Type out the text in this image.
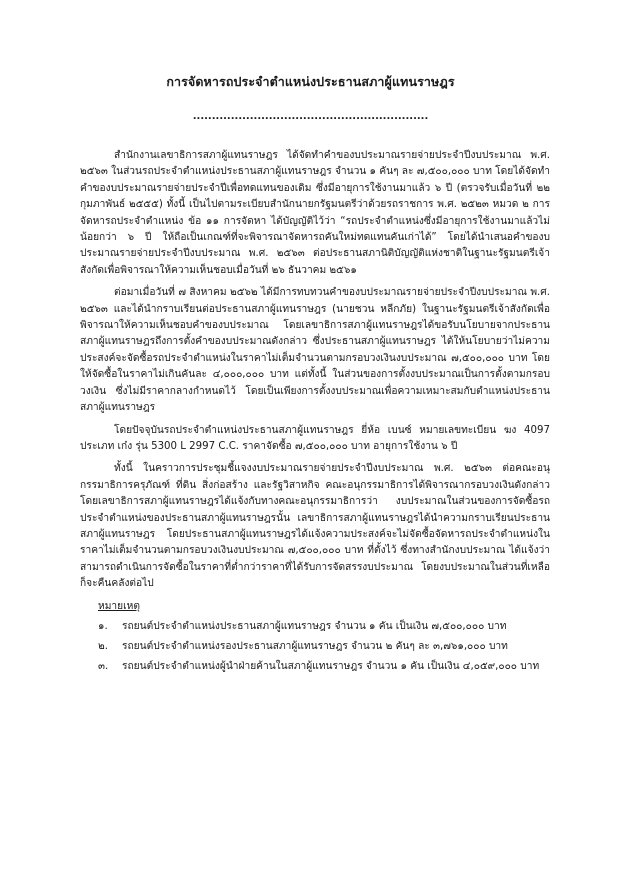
การจัดหารถประจำตำแหน่งประธานสภาผู้แทนราษฎร
..............................................................

สำนักงานเลขาธิการสภาผู้แทนราษฎร ได้จัดทำคำของบประมาณรายจ่ายประจำปีงบประมาณ พ.ศ. ๒๕๖๓ ในส่วนรถประจำตำแหน่งประธานสภาผู้แทนราษฎร จำนวน ๑ คันๆ ละ ๗,๕๐๐,๐๐๐ บาท โดยได้จัดทำคำของบประมาณรายจ่ายประจำปีเพื่อทดแทนของเดิม ซึ่งมีอายุการใช้งานมาแล้ว ๖ ปี (ตรวจรับเมื่อวันที่ ๒๒ กุมภาพันธ์ ๒๕๕๕) ทั้งนี้ เป็นไปตามระเบียบสำนักนายกรัฐมนตรีว่าด้วยรถราชการ พ.ศ. ๒๕๒๓ หมวด ๒ การจัดหารถประจำตำแหน่ง ข้อ ๑๑ การจัดหา ได้บัญญัติไว้ว่า “รถประจำตำแหน่งซึ่งมีอายุการใช้งานมาแล้วไม่น้อยกว่า ๖ ปี ให้ถือเป็นเกณฑ์ที่จะพิจารณาจัดหารถคันใหม่ทดแทนคันเก่าได้” โดยได้นำเสนอคำของบประมาณรายจ่ายประจำปีงบประมาณ พ.ศ. ๒๕๖๓ ต่อประธานสภานิติบัญญัติแห่งชาติในฐานะรัฐมนตรีเจ้าสังกัดเพื่อพิจารณาให้ความเห็นชอบเมื่อวันที่ ๒๖ ธันวาคม ๒๕๖๑

ต่อมาเมื่อวันที่ ๗ สิงหาคม ๒๕๖๒ ได้มีการทบทวนคำของบประมาณรายจ่ายประจำปีงบประมาณ พ.ศ. ๒๕๖๓ และได้นำกราบเรียนต่อประธานสภาผู้แทนราษฎร (นายชวน หลีกภัย) ในฐานะรัฐมนตรีเจ้าสังกัดเพื่อพิจารณาให้ความเห็นชอบคำของบประมาณ โดยเลขาธิการสภาผู้แทนราษฎรได้ขอรับนโยบายจากประธานสภาผู้แทนราษฎรถึงการตั้งคำของบประมาณดังกล่าว ซึ่งประธานสภาผู้แทนราษฎร ได้ให้นโยบายว่าไม่ความประสงค์จะจัดซื้อรถประจำตำแหน่งในราคาไม่เต็มจำนวนตามกรอบวงเงินงบประมาณ ๗,๕๐๐,๐๐๐ บาท โดยให้จัดซื้อในราคาไม่เกินคันละ ๔,๐๐๐,๐๐๐ บาท แต่ทั้งนี้ ในส่วนของการตั้งงบประมาณเป็นการตั้งตามกรอบวงเงิน ซึ่งไม่มีราคากลางกำหนดไว้ โดยเป็นเพียงการตั้งงบประมาณเพื่อความเหมาะสมกับตำแหน่งประธานสภาผู้แทนราษฎร

โดยปัจจุบันรถประจำตำแหน่งประธานสภาผู้แทนราษฎร ยี่ห้อ เบนซ์ หมายเลขทะเบียน ฆง 4097 ประเภท เก๋ง รุ่น 5300 L 2997 C.C. ราคาจัดซื้อ ๗,๕๐๐,๐๐๐ บาท อายุการใช้งาน ๖ ปี

ทั้งนี้ ในคราวการประชุมชี้แจงงบประมาณรายจ่ายประจำปีงบประมาณ พ.ศ. ๒๕๖๓ ต่อคณะอนุกรรมาธิการครุภัณฑ์ ที่ดิน สิ่งก่อสร้าง และรัฐวิสาหกิจ คณะอนุกรรมาธิการได้พิจารณากรอบวงเงินดังกล่าว โดยเลขาธิการสภาผู้แทนราษฎรได้แจ้งกับทางคณะอนุกรรมาธิการว่า งบประมาณในส่วนของการจัดซื้อรถประจำตำแหน่งของประธานสภาผู้แทนราษฎรนั้น เลขาธิการสภาผู้แทนราษฎรได้นำความกราบเรียนประธานสภาผู้แทนราษฎร โดยประธานสภาผู้แทนราษฎรได้แจ้งความประสงค์จะไม่จัดซื้อจัดหารถประจำตำแหน่งในราคาไม่เต็มจำนวนตามกรอบวงเงินงบประมาณ ๗,๕๐๐,๐๐๐ บาท ที่ตั้งไว้ ซึ่งทางสำนักงบประมาณ ได้แจ้งว่าสามารถดำเนินการจัดซื้อในราคาที่ต่ำกว่าราคาที่ได้รับการจัดสรรงบประมาณ โดยงบประมาณในส่วนที่เหลือก็จะคืนคลังต่อไป

หมายเหตุ
๑.	รถยนต์ประจำตำแหน่งประธานสภาผู้แทนราษฎร จำนวน ๑ คัน เป็นเงิน ๗,๕๐๐,๐๐๐ บาท
๒.	รถยนต์ประจำตำแหน่งรองประธานสภาผู้แทนราษฎร จำนวน ๒ คันๆ ละ ๓,๗๖๑,๐๐๐ บาท
๓.	รถยนต์ประจำตำแหน่งผู้นำฝ่ายค้านในสภาผู้แทนราษฎร จำนวน ๑ คัน เป็นเงิน ๔,๐๕๙,๐๐๐ บาท
